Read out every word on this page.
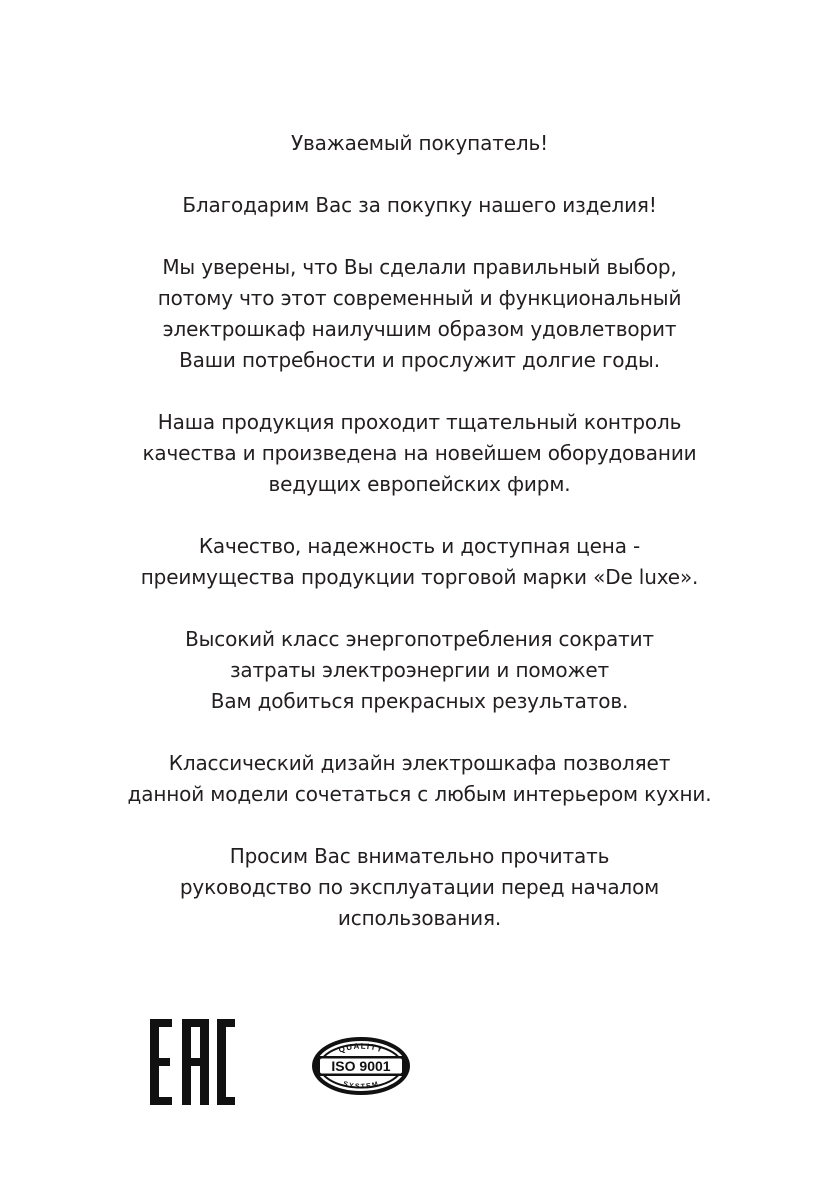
Уважаемый покупатель!

Благодарим Вас за покупку нашего изделия!

Мы уверены, что Вы сделали правильный выбор,
потому что этот современный и функциональный
электрошкаф наилучшим образом удовлетворит
Ваши потребности и прослужит долгие годы.

Наша продукция проходит тщательный контроль
качества и произведена на новейшем оборудовании
ведущих европейских фирм.

Качество, надежность и доступная цена -
преимущества продукции торговой марки «De luxe».

Высокий класс энергопотребления сократит
затраты электроэнергии и поможет
Вам добиться прекрасных результатов.

Классический дизайн электрошкафа позволяет
данной модели сочетаться с любым интерьером кухни.

Просим Вас внимательно прочитать
руководство по эксплуатации перед началом
использования.

QUALITY
ISO 9001
SYSTEM
